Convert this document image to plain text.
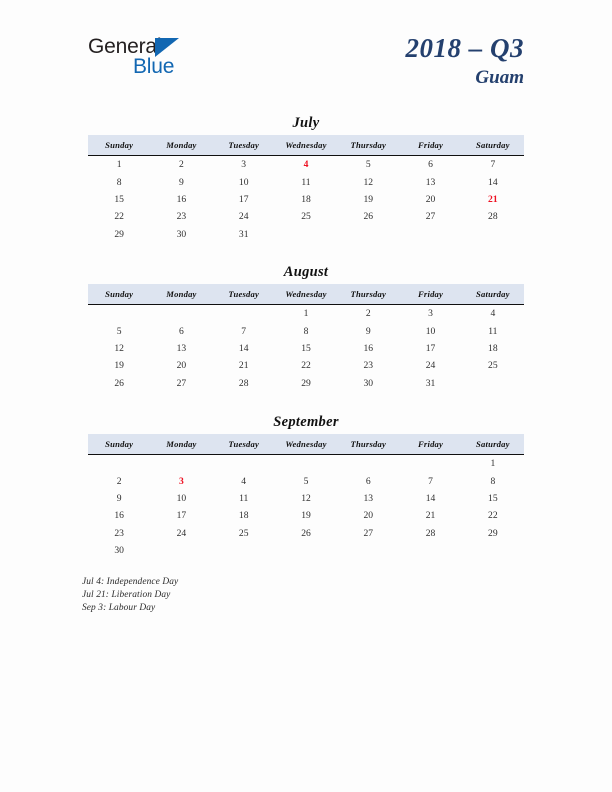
General
Blue
2018 – Q3
Guam
July
Sunday	Monday	Tuesday	Wednesday	Thursday	Friday	Saturday
1	2	3	4	5	6	7
8	9	10	11	12	13	14
15	16	17	18	19	20	21
22	23	24	25	26	27	28
29	30	31				
August
Sunday	Monday	Tuesday	Wednesday	Thursday	Friday	Saturday
			1	2	3	4
5	6	7	8	9	10	11
12	13	14	15	16	17	18
19	20	21	22	23	24	25
26	27	28	29	30	31	
September
Sunday	Monday	Tuesday	Wednesday	Thursday	Friday	Saturday
						1
2	3	4	5	6	7	8
9	10	11	12	13	14	15
16	17	18	19	20	21	22
23	24	25	26	27	28	29
30						
Jul 4: Independence Day
Jul 21: Liberation Day
Sep 3: Labour Day
